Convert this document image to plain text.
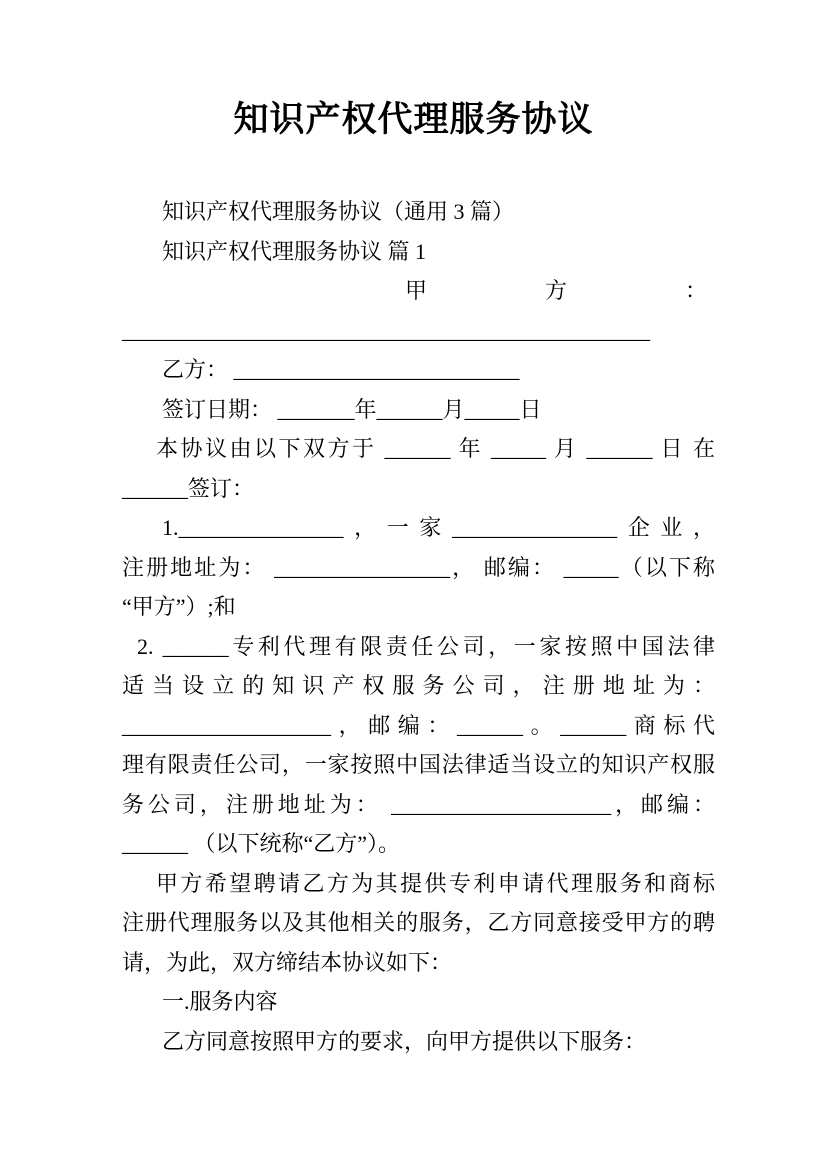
知识产权代理服务协议
知识产权代理服务协议（通用 3 篇）
知识产权代理服务协议 篇 1
甲方：
________________________________________________
乙方： __________________________
签订日期： _______年______月_____日
本协议由以下双方于 ______ 年 _____ 月 ______ 日 在
______签订：
1._______________，一家_______________企业，
注册地址为： ________________， 邮编： _____（以下称
“甲方”）;和
2. ______专利代理有限责任公司，一家按照中国法律
适当设立的知识产权服务公司，注册地址为：
___________________，邮编：______。______商标代
理有限责任公司，一家按照中国法律适当设立的知识产权服
务公司，注册地址为： ____________________，邮编：
______ （以下统称“乙方”）。
甲方希望聘请乙方为其提供专利申请代理服务和商标
注册代理服务以及其他相关的服务，乙方同意接受甲方的聘
请，为此，双方缔结本协议如下：
一.服务内容
乙方同意按照甲方的要求，向甲方提供以下服务：
